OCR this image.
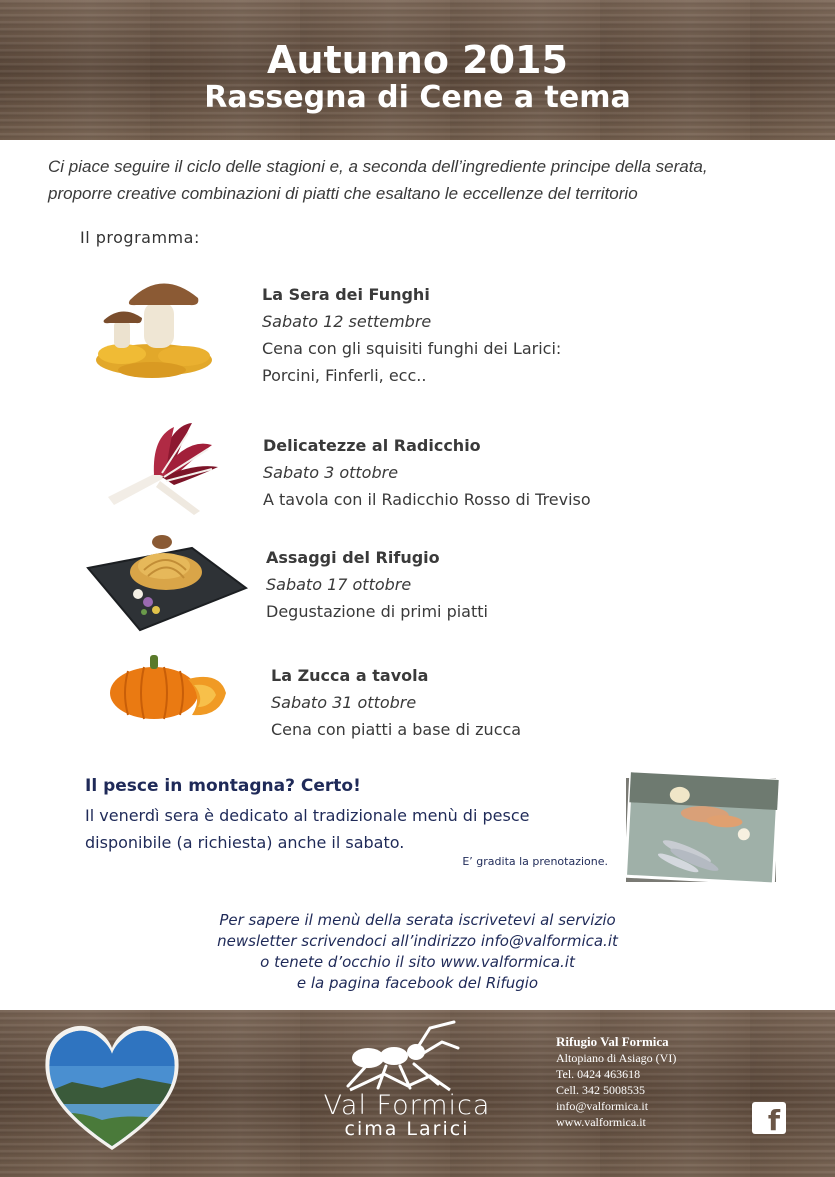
Autunno 2015
Rassegna di Cene a tema
Ci piace seguire il ciclo delle stagioni e, a seconda dell’ingrediente principe della serata,
proporre creative combinazioni di piatti che esaltano le eccellenze del territorio
Il programma:
La Sera dei Funghi
Sabato 12 settembre
Cena con gli squisiti funghi dei Larici:
Porcini, Finferli, ecc..
Delicatezze al Radicchio
Sabato 3 ottobre
A tavola con il Radicchio Rosso di Treviso
Assaggi del Rifugio
Sabato 17 ottobre
Degustazione di primi piatti
La Zucca a tavola
Sabato 31 ottobre
Cena con piatti a base di zucca
Il pesce in montagna? Certo!
Il venerdì sera è dedicato al tradizionale menù di pesce
disponibile (a richiesta) anche il sabato.
E’ gradita la prenotazione.
Per sapere il menù della serata iscrivetevi al servizio
newsletter scrivendoci all’indirizzo info@valformica.it
o tenete d’occhio il sito www.valformica.it
e la pagina facebook del Rifugio
Val Formica
cima Larici
Rifugio Val Formica
Altopiano di Asiago (VI)
Tel. 0424 463618
Cell. 342 5008535
info@valformica.it
www.valformica.it	f
